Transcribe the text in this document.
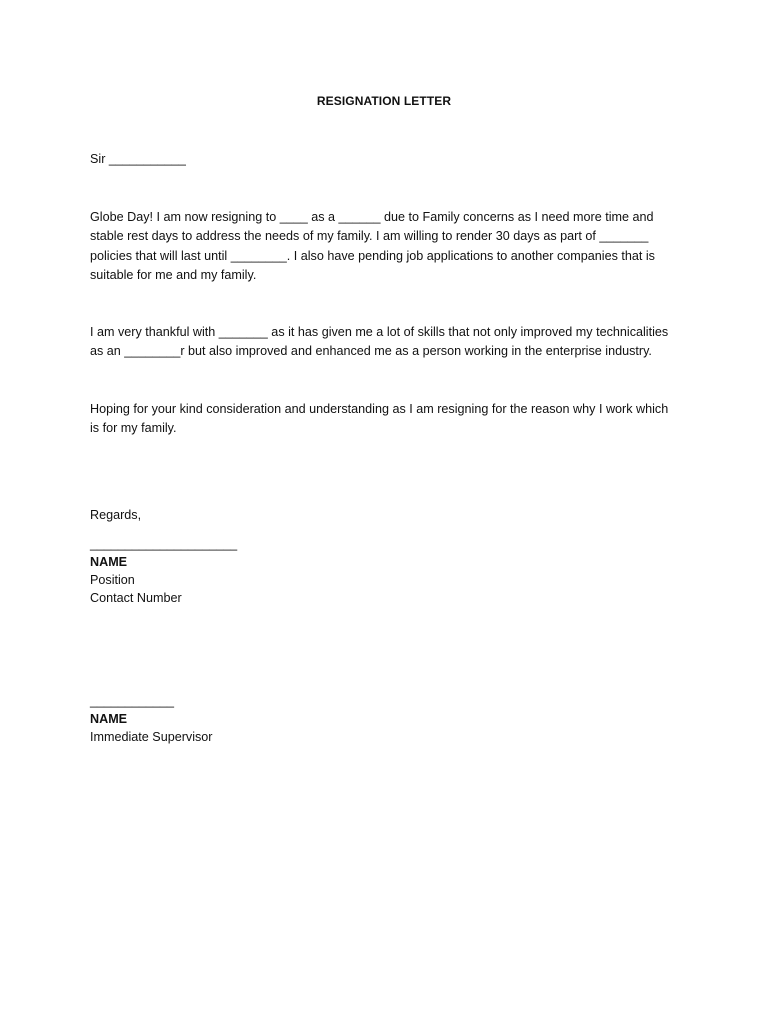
RESIGNATION LETTER
Sir ___________
Globe Day! I am now resigning to ____ as a ______ due to Family concerns as I need more time and
stable rest days to address the needs of my family. I am willing to render 30 days as part of _______
policies that will last until ________. I also have pending job applications to another companies that is
suitable for me and my family.
I am very thankful with _______ as it has given me a lot of skills that not only improved my technicalities
as an ________r but also improved and enhanced me as a person working in the enterprise industry.
Hoping for your kind consideration and understanding as I am resigning for the reason why I work which
is for my family.
Regards,
_____________________
NAME
Position
Contact Number
____________
NAME
Immediate Supervisor
